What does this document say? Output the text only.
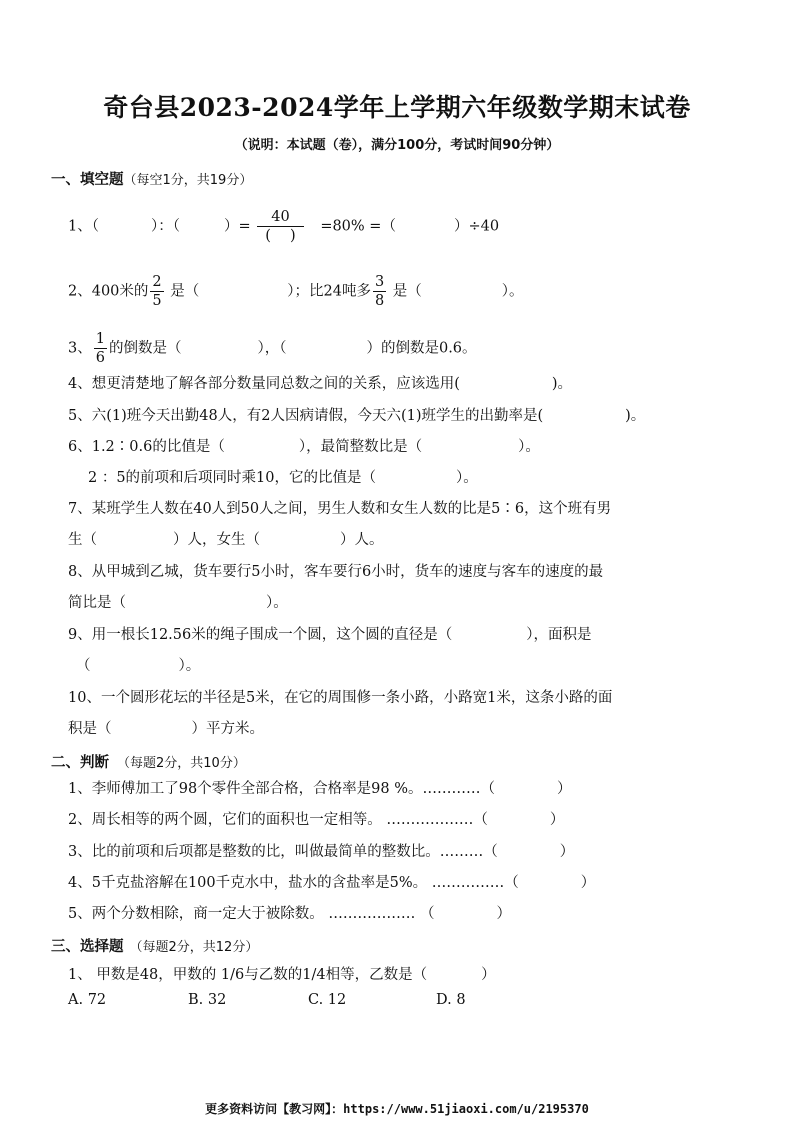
奇台县2023-2024学年上学期六年级数学期末试卷
（说明：本试题（卷），满分100分，考试时间90分钟）
一、填空题（每空1分，共19分）
1、（	）：（	）= $\frac{40}{( )} =80\%$ =（	）÷40
2、400米的 $\frac{2}{5}$ 是（	）；比24吨多 $\frac{3}{8}$ 是（	）。
3、 $\frac{1}{6}$ 的倒数是（	），（	）的倒数是0.6。
4、想更清楚地了解各部分数量同总数之间的关系，应该选用(	)。
5、六(1)班今天出勤48人，有2人因病请假，今天六(1)班学生的出勤率是(	)。
6、1.2∶0.6的比值是（	），最简整数比是（	）。
2 ：5的前项和后项同时乘10，它的比值是（	）。
7、某班学生人数在40人到50人之间，男生人数和女生人数的比是5∶6，这个班有男
生（	）人，女生（	）人。
8、从甲城到乙城，货车要行5小时，客车要行6小时，货车的速度与客车的速度的最
简比是（	）。
9、用一根长12.56米的绳子围成一个圆，这个圆的直径是（	），面积是
（	）。
10、一个圆形花坛的半径是5米，在它的周围修一条小路，小路宽1米，这条小路的面
积是（	）平方米。
二、判断 （每题2分，共10分）
1、李师傅加工了98个零件全部合格，合格率是98 %。…………（	）
2、周长相等的两个圆，它们的面积也一定相等。 ………………（	）
3、比的前项和后项都是整数的比，叫做最简单的整数比。………（	）
4、5千克盐溶解在100千克水中，盐水的含盐率是5%。 ……………（	）
5、两个分数相除，商一定大于被除数。 ……………… （	）
三、选择题 （每题2分，共12分）
1、 甲数是48，甲数的 1/6与乙数的1/4相等，乙数是（	）
A. 72	B. 32	C. 12	D. 8
更多资料访问【教习网】：https://www.51jiaoxi.com/u/2195370
